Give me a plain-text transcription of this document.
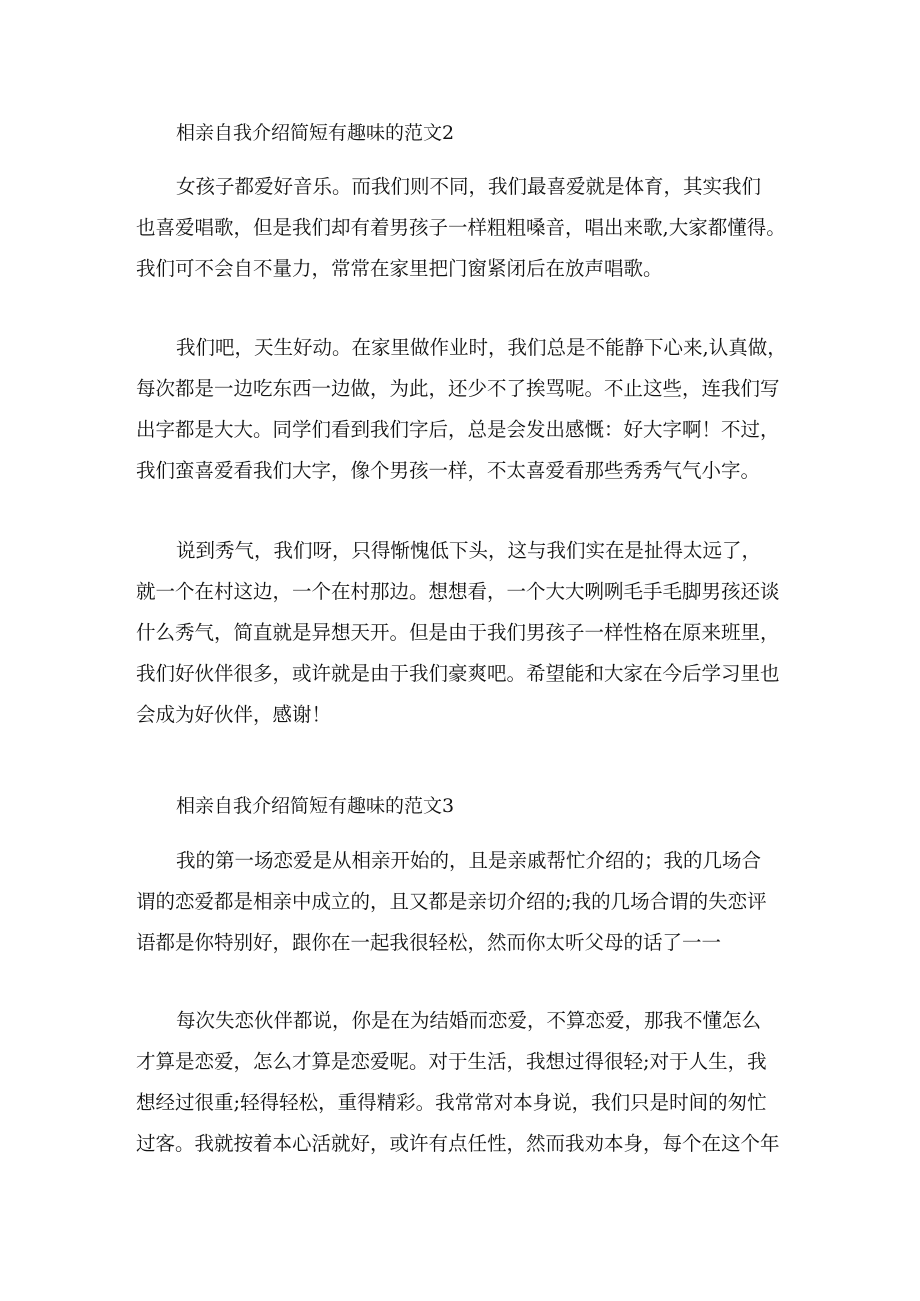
相亲自我介绍简短有趣味的范文2
女孩子都爱好音乐。而我们则不同，我们最喜爱就是体育，其实我们
也喜爱唱歌，但是我们却有着男孩子一样粗粗嗓音，唱出来歌,大家都懂得。
我们可不会自不量力，常常在家里把门窗紧闭后在放声唱歌。
我们吧，天生好动。在家里做作业时，我们总是不能静下心来,认真做，
每次都是一边吃东西一边做，为此，还少不了挨骂呢。不止这些，连我们写
出字都是大大。同学们看到我们字后，总是会发出感慨：好大字啊！不过，
我们蛮喜爱看我们大字，像个男孩一样，不太喜爱看那些秀秀气气小字。
说到秀气，我们呀，只得惭愧低下头，这与我们实在是扯得太远了，
就一个在村这边，一个在村那边。想想看，一个大大咧咧毛手毛脚男孩还谈
什么秀气，简直就是异想天开。但是由于我们男孩子一样性格在原来班里，
我们好伙伴很多，或许就是由于我们豪爽吧。希望能和大家在今后学习里也
会成为好伙伴，感谢！
相亲自我介绍简短有趣味的范文3
我的第一场恋爱是从相亲开始的，且是亲戚帮忙介绍的；我的几场合
谓的恋爱都是相亲中成立的，且又都是亲切介绍的;我的几场合谓的失恋评
语都是你特别好，跟你在一起我很轻松，然而你太听父母的话了一一
每次失恋伙伴都说，你是在为结婚而恋爱，不算恋爱，那我不懂怎么
才算是恋爱，怎么才算是恋爱呢。对于生活，我想过得很轻;对于人生，我
想经过很重;轻得轻松，重得精彩。我常常对本身说，我们只是时间的匆忙
过客。我就按着本心活就好，或许有点任性，然而我劝本身，每个在这个年
